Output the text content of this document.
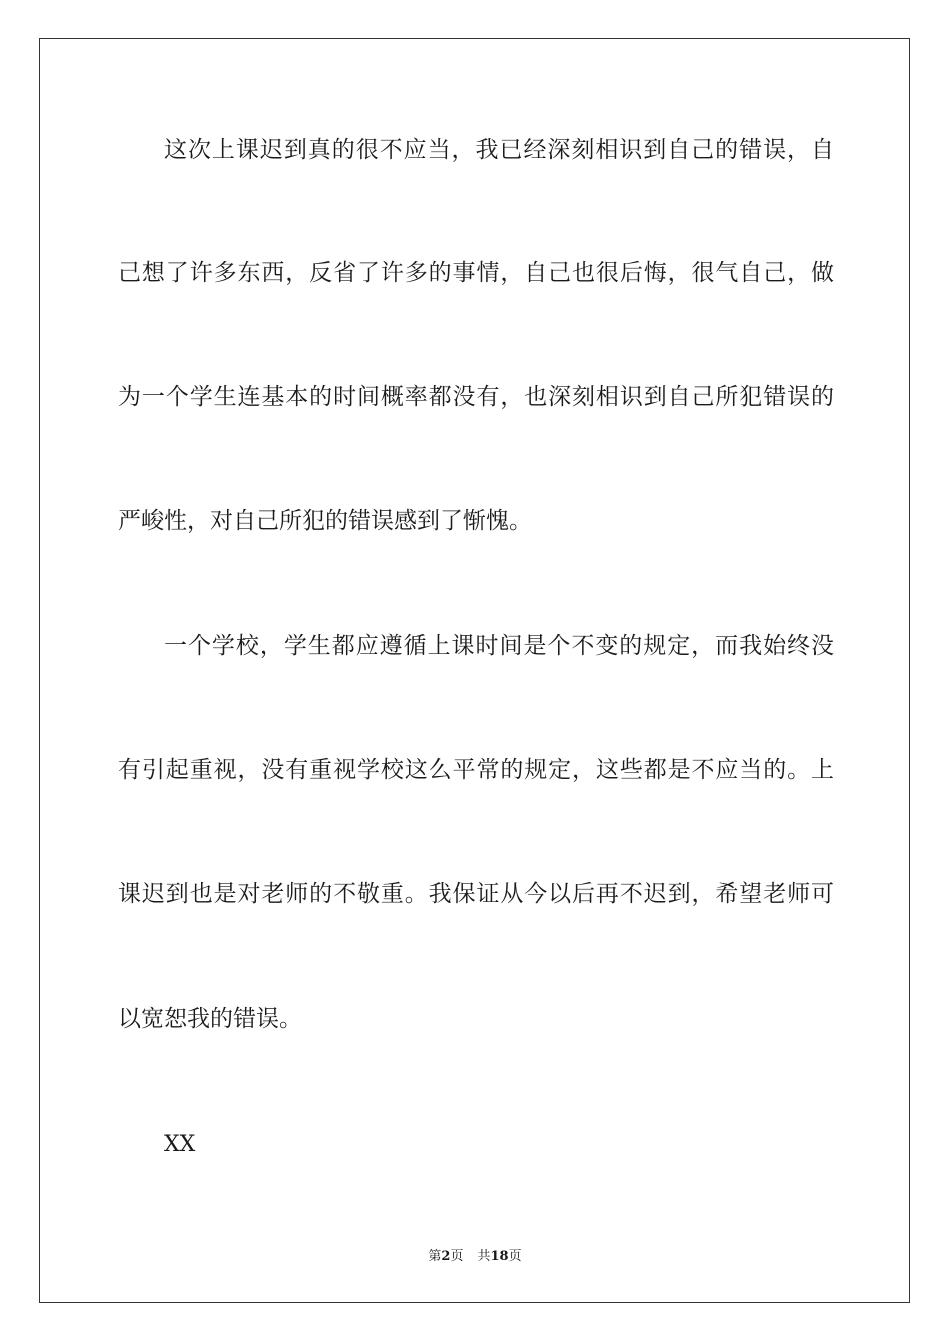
这次上课迟到真的很不应当，我已经深刻相识到自己的错误，自
己想了许多东西，反省了许多的事情，自己也很后悔，很气自己，做
为一个学生连基本的时间概率都没有，也深刻相识到自己所犯错误的
严峻性，对自己所犯的错误感到了惭愧。
一个学校，学生都应遵循上课时间是个不变的规定，而我始终没
有引起重视，没有重视学校这么平常的规定，这些都是不应当的。上
课迟到也是对老师的不敬重。我保证从今以后再不迟到，希望老师可
以宽恕我的错误。
XX
第2页 共18页
